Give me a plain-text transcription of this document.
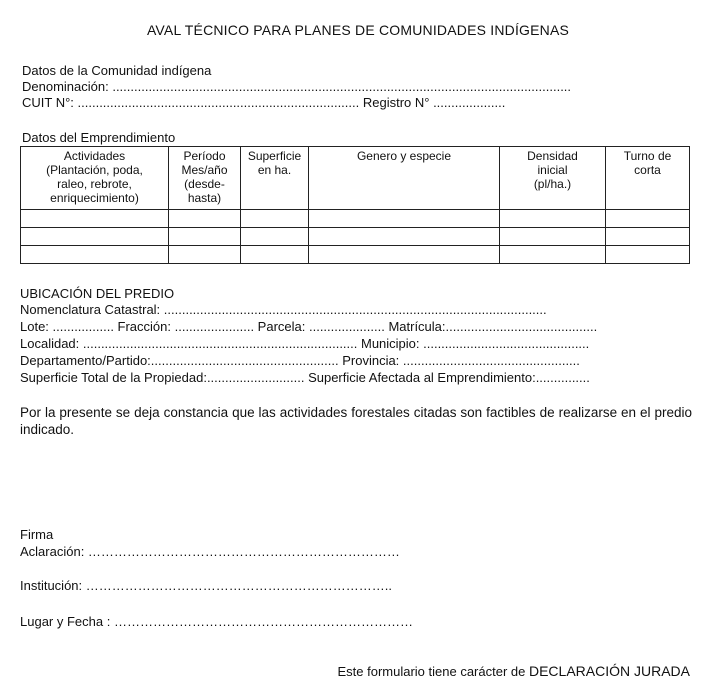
AVAL TÉCNICO PARA PLANES DE COMUNIDADES INDÍGENAS
Datos de la Comunidad indígena
Denominación: ...............................................................................................................................
CUIT N°: .............................................................................. Registro N° ....................
Datos del Emprendimiento
Actividades
(Plantación, poda,
raleo, rebrote,
enriquecimiento)	Período
Mes/año
(desde-
hasta)	Superficie
en ha.	Genero y especie	Densidad
inicial
(pl/ha.)	Turno de
corta

UBICACIÓN DEL PREDIO
Nomenclatura Catastral: ..........................................................................................................
Lote: ................. Fracción: ...................... Parcela: ..................... Matrícula:..........................................
Localidad: ............................................................................ Municipio: ..............................................
Departamento/Partido:.................................................... Provincia: .................................................
Superficie Total de la Propiedad:........................... Superficie Afectada al Emprendimiento:...............
Por la presente se deja constancia que las actividades forestales citadas son factibles de realizarse en el predio indicado.
Firma
Aclaración: ………………………………………………………………
Institución: ……………………………………………………………..
Lugar y Fecha : ……………………………………………………………
Este formulario tiene carácter de DECLARACIÓN JURADA
